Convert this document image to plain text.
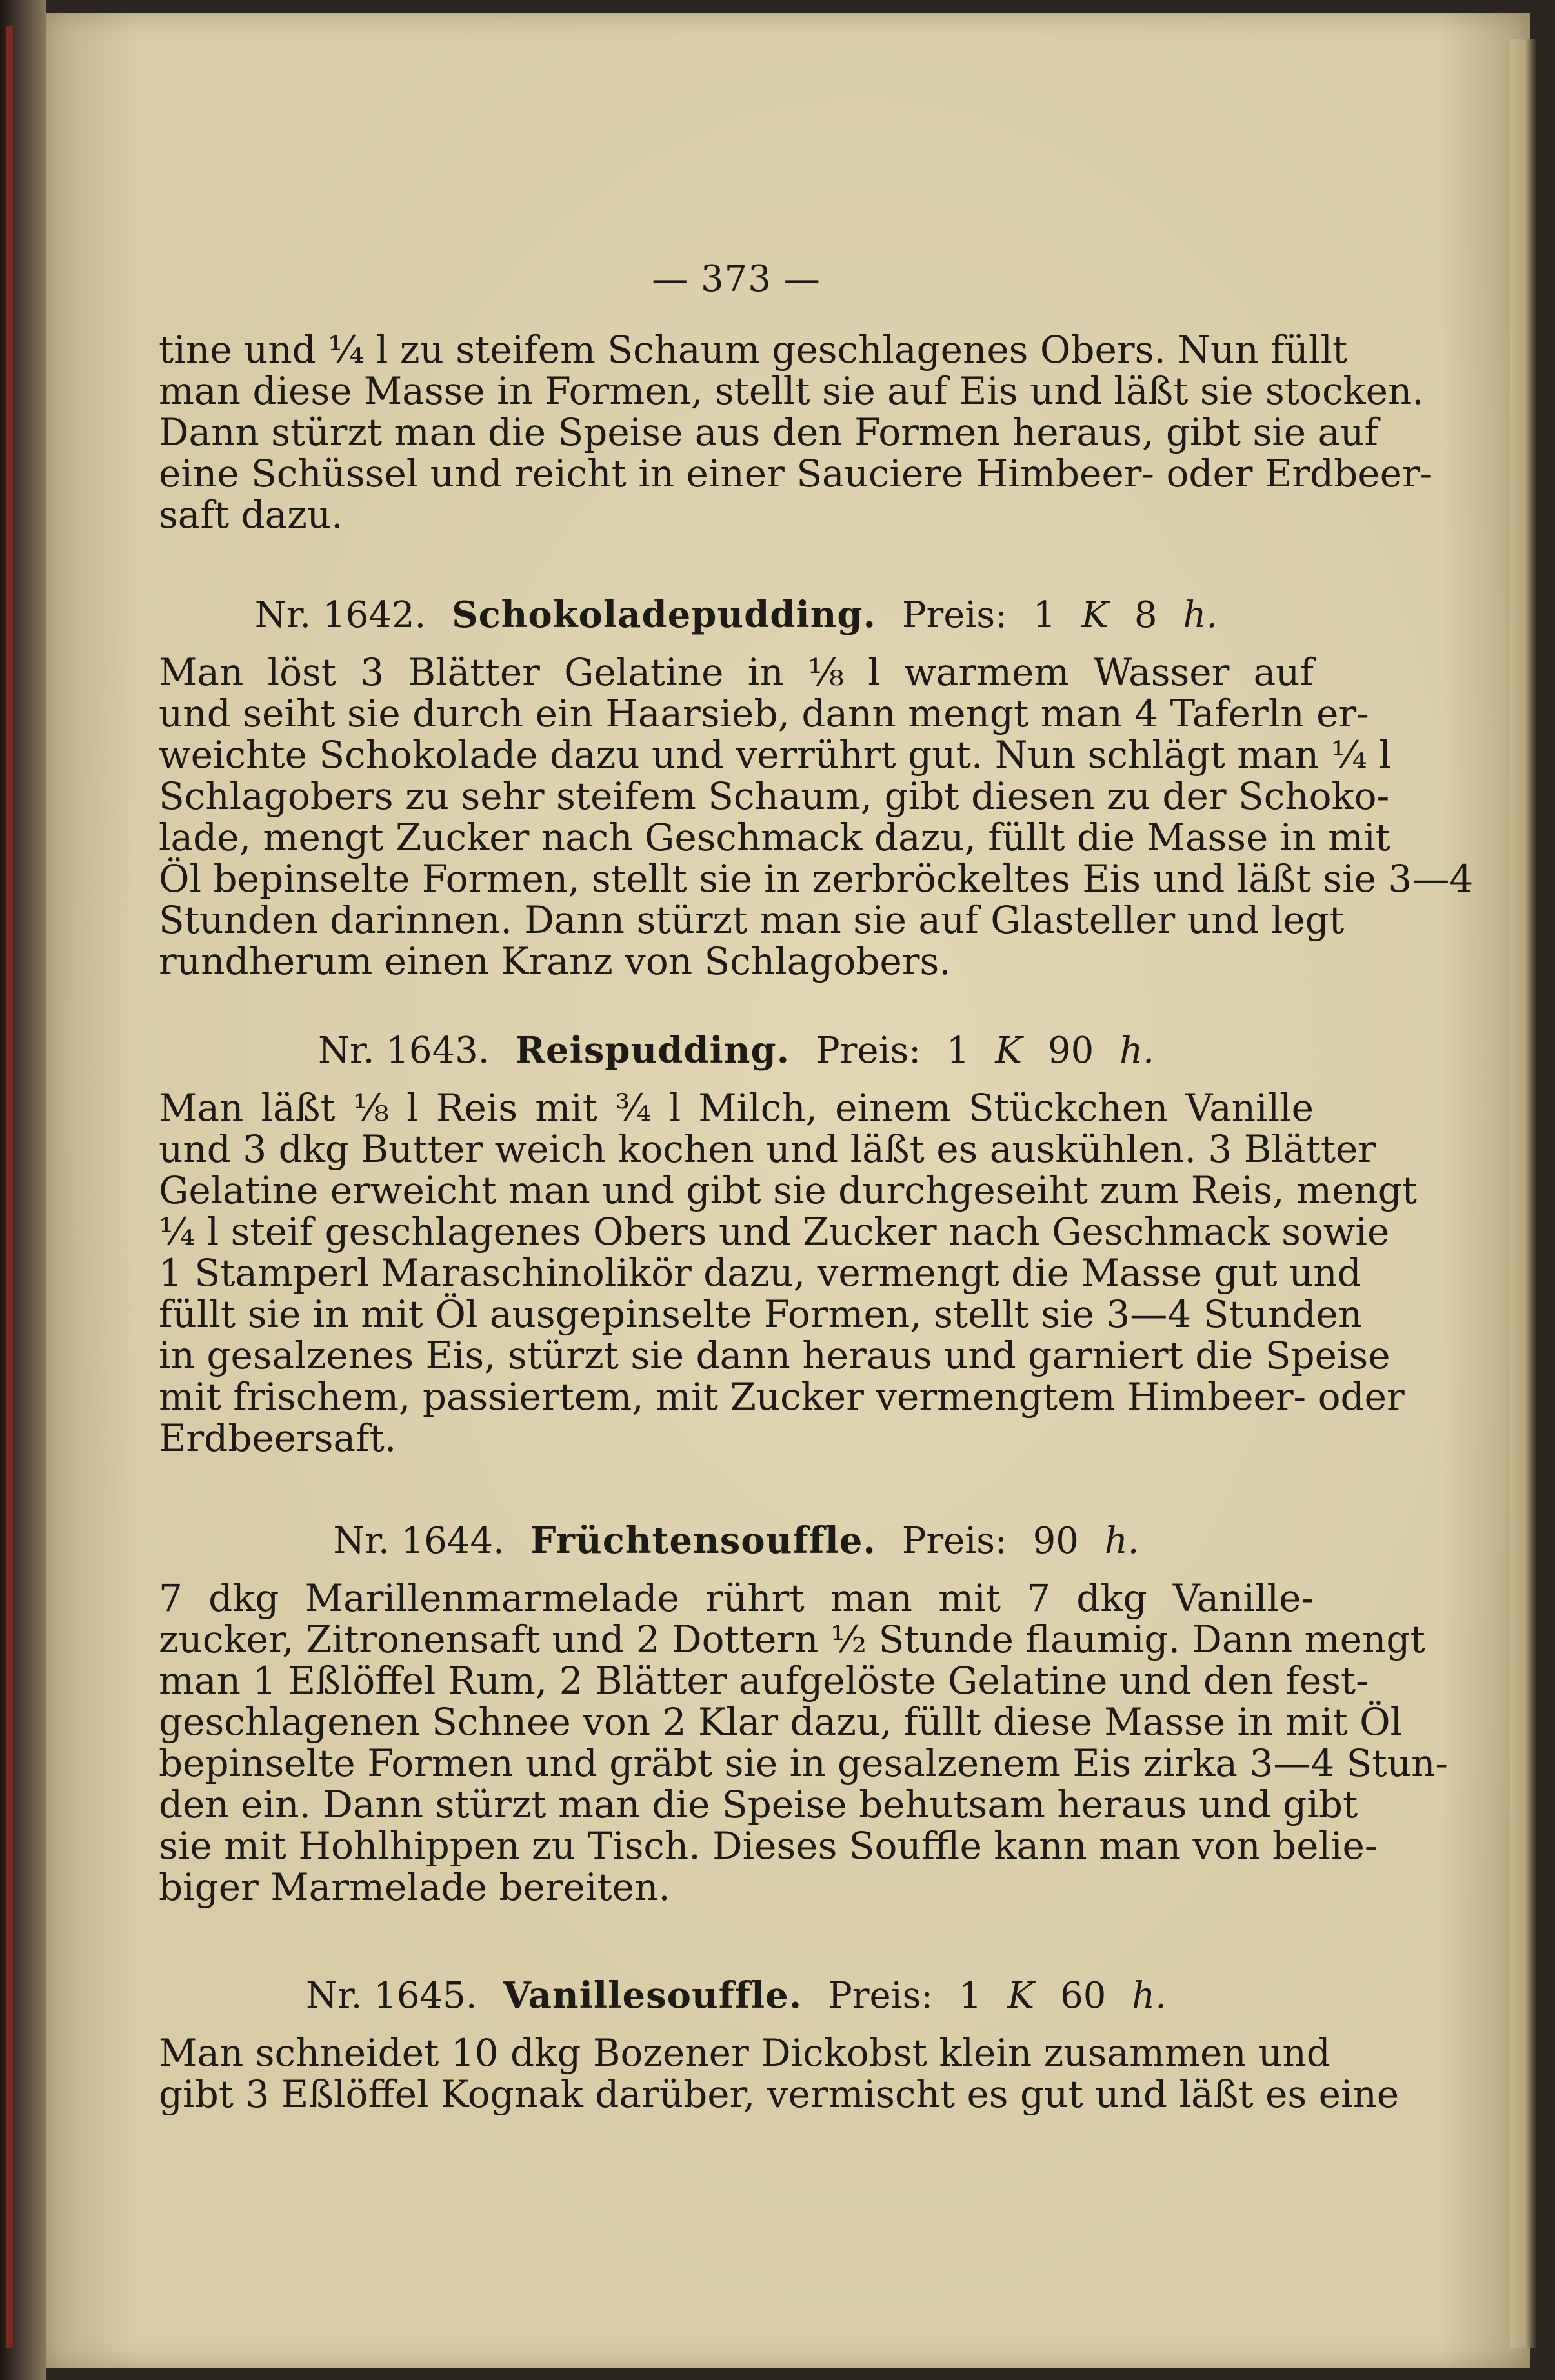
— 373 —
tine und ¼ l zu steifem Schaum geschlagenes Obers. Nun füllt
man diese Masse in Formen, stellt sie auf Eis und läßt sie stocken.
Dann stürzt man die Speise aus den Formen heraus, gibt sie auf
eine Schüssel und reicht in einer Sauciere Himbeer- oder Erdbeer-
saft dazu.
Nr. 1642. Schokoladepudding. Preis: 1 K 8 h.
Man löst 3 Blätter Gelatine in ⅛ l warmem Wasser auf
und seiht sie durch ein Haarsieb, dann mengt man 4 Taferln er-
weichte Schokolade dazu und verrührt gut. Nun schlägt man ¼ l
Schlagobers zu sehr steifem Schaum, gibt diesen zu der Schoko-
lade, mengt Zucker nach Geschmack dazu, füllt die Masse in mit
Öl bepinselte Formen, stellt sie in zerbröckeltes Eis und läßt sie 3—4
Stunden darinnen. Dann stürzt man sie auf Glasteller und legt
rundherum einen Kranz von Schlagobers.
Nr. 1643. Reispudding. Preis: 1 K 90 h.
Man läßt ⅛ l Reis mit ¾ l Milch, einem Stückchen Vanille
und 3 dkg Butter weich kochen und läßt es auskühlen. 3 Blätter
Gelatine erweicht man und gibt sie durchgeseiht zum Reis, mengt
¼ l steif geschlagenes Obers und Zucker nach Geschmack sowie
1 Stamperl Maraschinolikör dazu, vermengt die Masse gut und
füllt sie in mit Öl ausgepinselte Formen, stellt sie 3—4 Stunden
in gesalzenes Eis, stürzt sie dann heraus und garniert die Speise
mit frischem, passiertem, mit Zucker vermengtem Himbeer- oder
Erdbeersaft.
Nr. 1644. Früchtensouffle. Preis: 90 h.
7 dkg Marillenmarmelade rührt man mit 7 dkg Vanille-
zucker, Zitronensaft und 2 Dottern ½ Stunde flaumig. Dann mengt
man 1 Eßlöffel Rum, 2 Blätter aufgelöste Gelatine und den fest-
geschlagenen Schnee von 2 Klar dazu, füllt diese Masse in mit Öl
bepinselte Formen und gräbt sie in gesalzenem Eis zirka 3—4 Stun-
den ein. Dann stürzt man die Speise behutsam heraus und gibt
sie mit Hohlhippen zu Tisch. Dieses Souffle kann man von belie-
biger Marmelade bereiten.
Nr. 1645. Vanillesouffle. Preis: 1 K 60 h.
Man schneidet 10 dkg Bozener Dickobst klein zusammen und
gibt 3 Eßlöffel Kognak darüber, vermischt es gut und läßt es eine
